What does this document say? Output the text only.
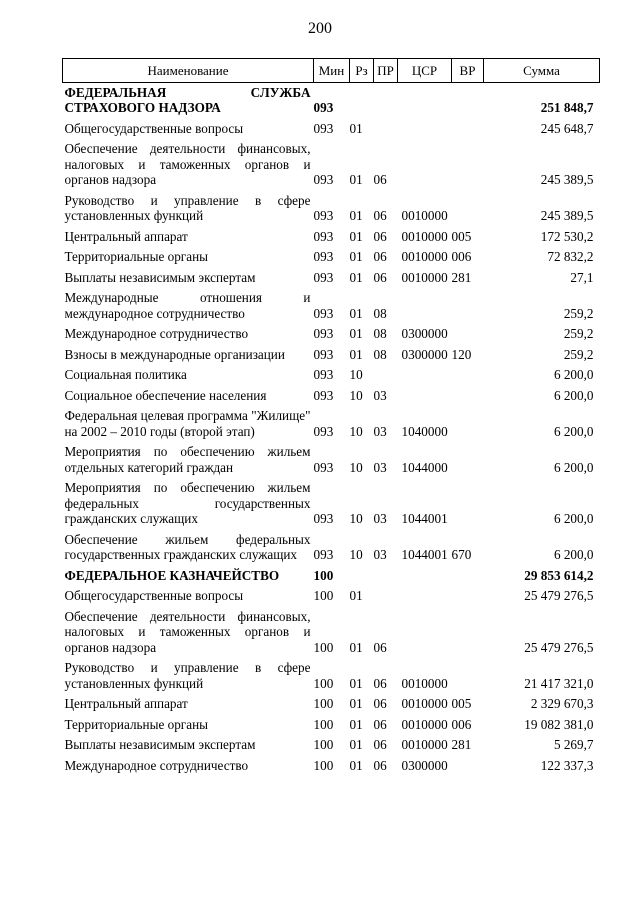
200
Наименование	Мин	Рз	ПР	ЦСР	ВР	Сумма
ФЕДЕРАЛЬНАЯ СЛУЖБА СТРАХОВОГО НАДЗОРА	093					251 848,7
Общегосударственные вопросы	093	01				245 648,7
Обеспечение деятельности финансовых, налоговых и таможенных органов и органов надзора	093	01	06			245 389,5
Руководство и управление в сфере установленных функций	093	01	06	0010000		245 389,5
Центральный аппарат	093	01	06	0010000	005	172 530,2
Территориальные органы	093	01	06	0010000	006	72 832,2
Выплаты независимым экспертам	093	01	06	0010000	281	27,1
Международные отношения и международное сотрудничество	093	01	08			259,2
Международное сотрудничество	093	01	08	0300000		259,2
Взносы в международные организации	093	01	08	0300000	120	259,2
Социальная политика	093	10				6 200,0
Социальное обеспечение населения	093	10	03			6 200,0
Федеральная целевая программа "Жилище" на 2002 – 2010 годы (второй этап)	093	10	03	1040000		6 200,0
Мероприятия по обеспечению жильем отдельных категорий граждан	093	10	03	1044000		6 200,0
Мероприятия по обеспечению жильем федеральных государственных гражданских служащих	093	10	03	1044001		6 200,0
Обеспечение жильем федеральных государственных гражданских служащих	093	10	03	1044001	670	6 200,0
ФЕДЕРАЛЬНОЕ КАЗНАЧЕЙСТВО	100					29 853 614,2
Общегосударственные вопросы	100	01				25 479 276,5
Обеспечение деятельности финансовых, налоговых и таможенных органов и органов надзора	100	01	06			25 479 276,5
Руководство и управление в сфере установленных функций	100	01	06	0010000		21 417 321,0
Центральный аппарат	100	01	06	0010000	005	2 329 670,3
Территориальные органы	100	01	06	0010000	006	19 082 381,0
Выплаты независимым экспертам	100	01	06	0010000	281	5 269,7
Международное сотрудничество	100	01	06	0300000		122 337,3
